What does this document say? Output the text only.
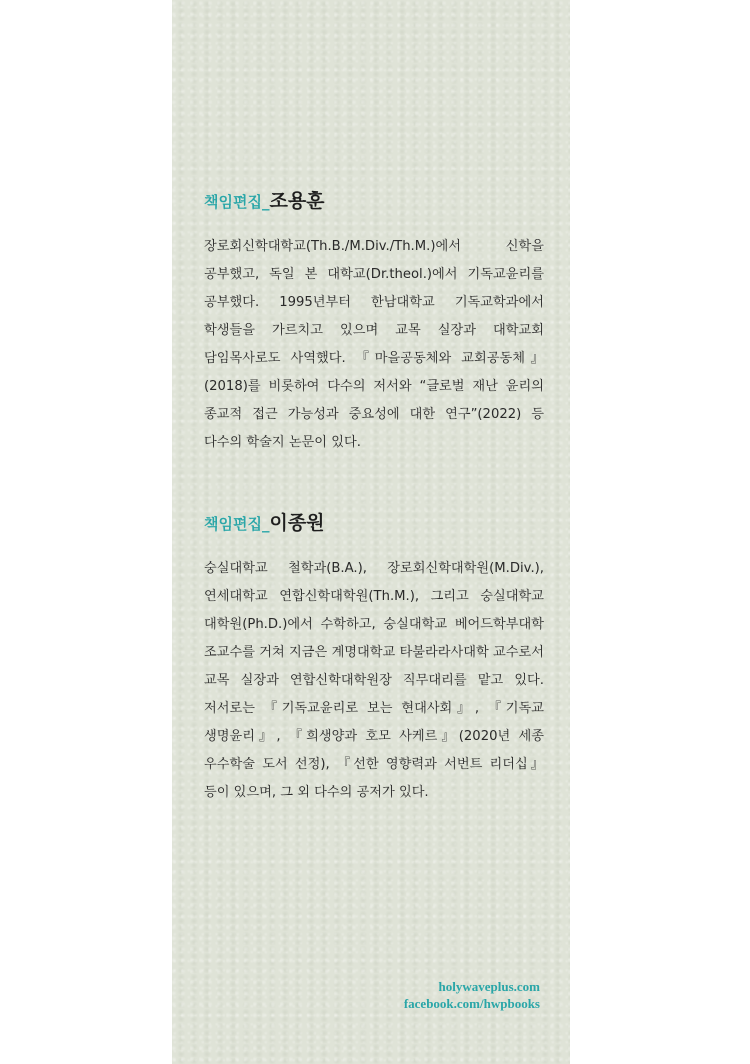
책임편집_ 조용훈

장로회신학대학교(Th.B./M.Div./Th.M.)에서 신학을 공부했고, 독일 본 대학교(Dr.theol.)에서 기독교윤리를 공부했다. 1995년부터 한남대학교 기독교학과에서 학생들을 가르치고 있으며 교목 실장과 대학교회 담임목사로도 사역했다. 『마을공동체와 교회공동체』(2018)를 비롯하여 다수의 저서와 “글로벌 재난 윤리의 종교적 접근 가능성과 중요성에 대한 연구”(2022) 등 다수의 학술지 논문이 있다.

책임편집_ 이종원

숭실대학교 철학과(B.A.), 장로회신학대학원(M.Div.), 연세대학교 연합신학대학원(Th.M.), 그리고 숭실대학교 대학원(Ph.D.)에서 수학하고, 숭실대학교 베어드학부대학 조교수를 거쳐 지금은 계명대학교 타불라라사대학 교수로서 교목 실장과 연합신학대학원장 직무대리를 맡고 있다. 저서로는 『기독교윤리로 보는 현대사회』, 『기독교 생명윤리』, 『희생양과 호모 사케르』(2020년 세종 우수학술 도서 선정), 『선한 영향력과 서번트 리더십』 등이 있으며, 그 외 다수의 공저가 있다.

holywaveplus.com
facebook.com/hwpbooks
